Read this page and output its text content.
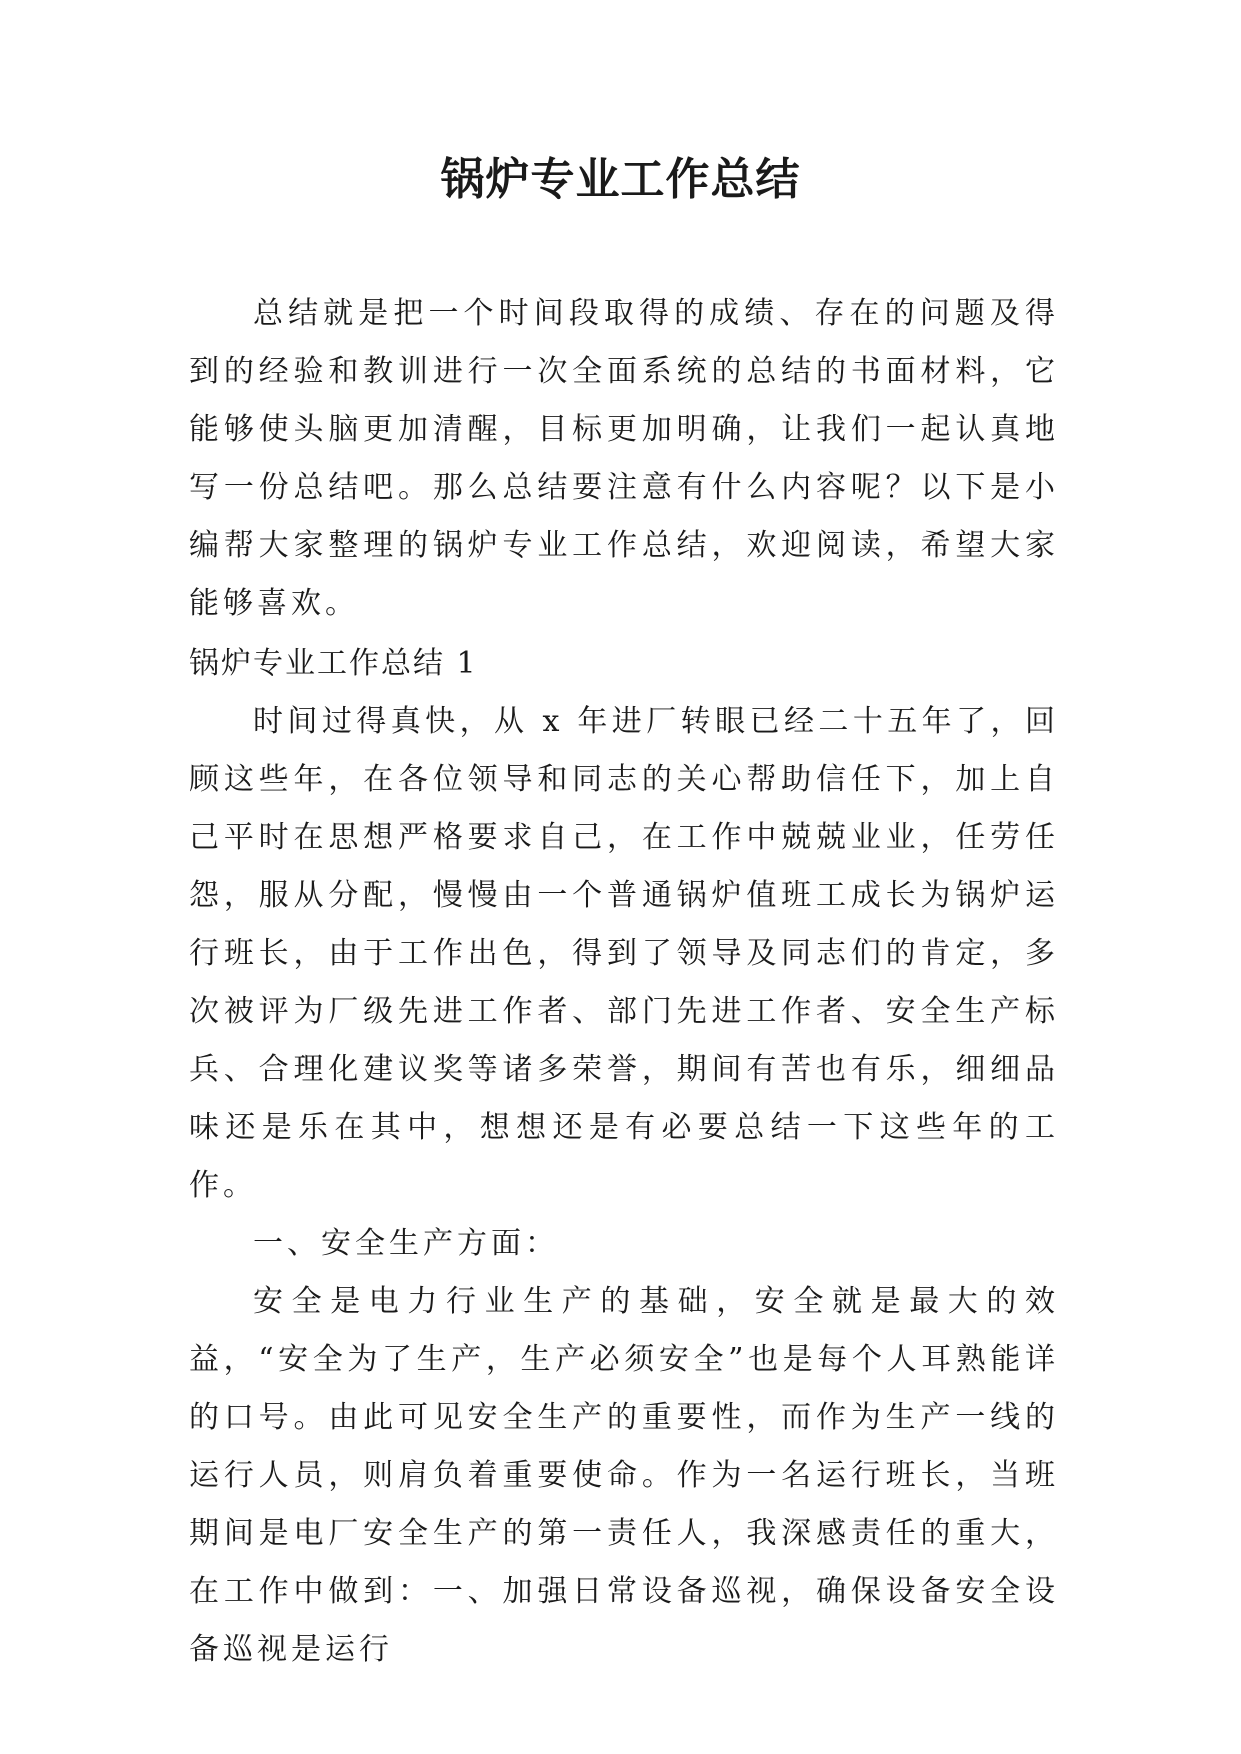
锅炉专业工作总结

总结就是把一个时间段取得的成绩、存在的问题及得到的经验和教训进行一次全面系统的总结的书面材料，它能够使头脑更加清醒，目标更加明确，让我们一起认真地写一份总结吧。那么总结要注意有什么内容呢？以下是小编帮大家整理的锅炉专业工作总结，欢迎阅读，希望大家能够喜欢。

锅炉专业工作总结 1

时间过得真快，从 x 年进厂转眼已经二十五年了，回顾这些年，在各位领导和同志的关心帮助信任下，加上自己平时在思想严格要求自己，在工作中兢兢业业，任劳任怨，服从分配，慢慢由一个普通锅炉值班工成长为锅炉运行班长，由于工作出色，得到了领导及同志们的肯定，多次被评为厂级先进工作者、部门先进工作者、安全生产标兵、合理化建议奖等诸多荣誉，期间有苦也有乐，细细品味还是乐在其中，想想还是有必要总结一下这些年的工作。

一、安全生产方面：

安全是电力行业生产的基础，安全就是最大的效益，“安全为了生产，生产必须安全”也是每个人耳熟能详的口号。由此可见安全生产的重要性，而作为生产一线的运行人员，则肩负着重要使命。作为一名运行班长，当班期间是电厂安全生产的第一责任人，我深感责任的重大，在工作中做到：一、加强日常设备巡视，确保设备安全设备巡视是运行
